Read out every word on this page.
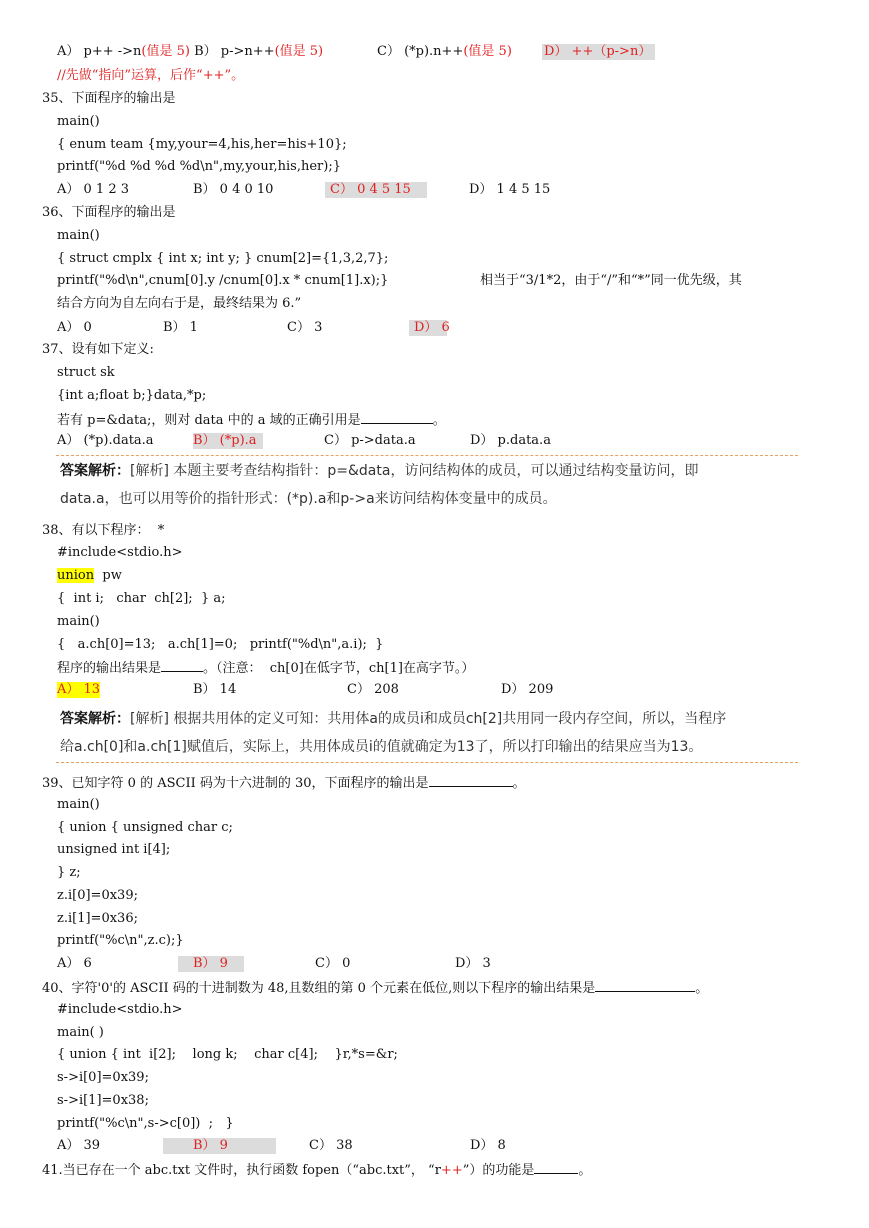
A） p++ ->n(值是 5) B） p->n++(值是 5)	C） (*p).n++(值是 5) D） ++（p->n）
//先做“指向”运算，后作“++”。
35、下面程序的输出是
main()
{ enum team {my,your=4,his,her=his+10};
printf("%d %d %d %d\n",my,your,his,her);}
A） 0 1 2 3	B） 0 4 0 10	C） 0 4 5 15	D） 1 4 5 15
36、下面程序的输出是
main()
{ struct cmplx { int x; int y; } cnum[2]={1,3,2,7};
printf("%d\n",cnum[0].y /cnum[0].x * cnum[1].x);}	相当于“3/1*2，由于“/”和“*”同一优先级，其
结合方向为自左向右于是，最终结果为 6.”
A） 0	B） 1	C） 3	D） 6
37、设有如下定义:
struct sk
{int a;float b;}data,*p;
若有 p=&data;，则对 data 中的 a 域的正确引用是	。
A） (*p).data.a	B） (*p).a	C） p->data.a	D） p.data.a
答案解析：[解析] 本题主要考查结构指针：p=&data，访问结构体的成员，可以通过结构变量访问，即
data.a，也可以用等价的指针形式：(*p).a和p->a来访问结构体变量中的成员。
38、有以下程序：  *
#include<stdio.h>
union  pw
{  int i;   char  ch[2];  } a;
main()
{   a.ch[0]=13;   a.ch[1]=0;   printf("%d\n",a.i);  }
程序的输出结果是	。（注意：  ch[0]在低字节，ch[1]在高字节。）
A） 13	B） 14	C） 208	D） 209
答案解析：[解析] 根据共用体的定义可知：共用体a的成员i和成员ch[2]共用同一段内存空间，所以，当程序
给a.ch[0]和a.ch[1]赋值后，实际上，共用体成员i的值就确定为13了，所以打印输出的结果应当为13。
39、已知字符 0 的 ASCII 码为十六进制的 30，下面程序的输出是	。
main()
{ union { unsigned char c;
unsigned int i[4];
} z;
z.i[0]=0x39;
z.i[1]=0x36;
printf("%c\n",z.c);}
A） 6	B） 9	C） 0	D） 3
40、字符'0'的 ASCII 码的十进制数为 48,且数组的第 0 个元素在低位,则以下程序的输出结果是	。
#include<stdio.h>
main( )
{ union { int  i[2];    long k;    char c[4];    }r,*s=&r;
s->i[0]=0x39;
s->i[1]=0x38;
printf("%c\n",s->c[0])  ;   }
A） 39	B） 9	C） 38	D） 8
41.当已存在一个 abc.txt 文件时，执行函数 fopen（“abc.txt”， “r++”）的功能是	。
